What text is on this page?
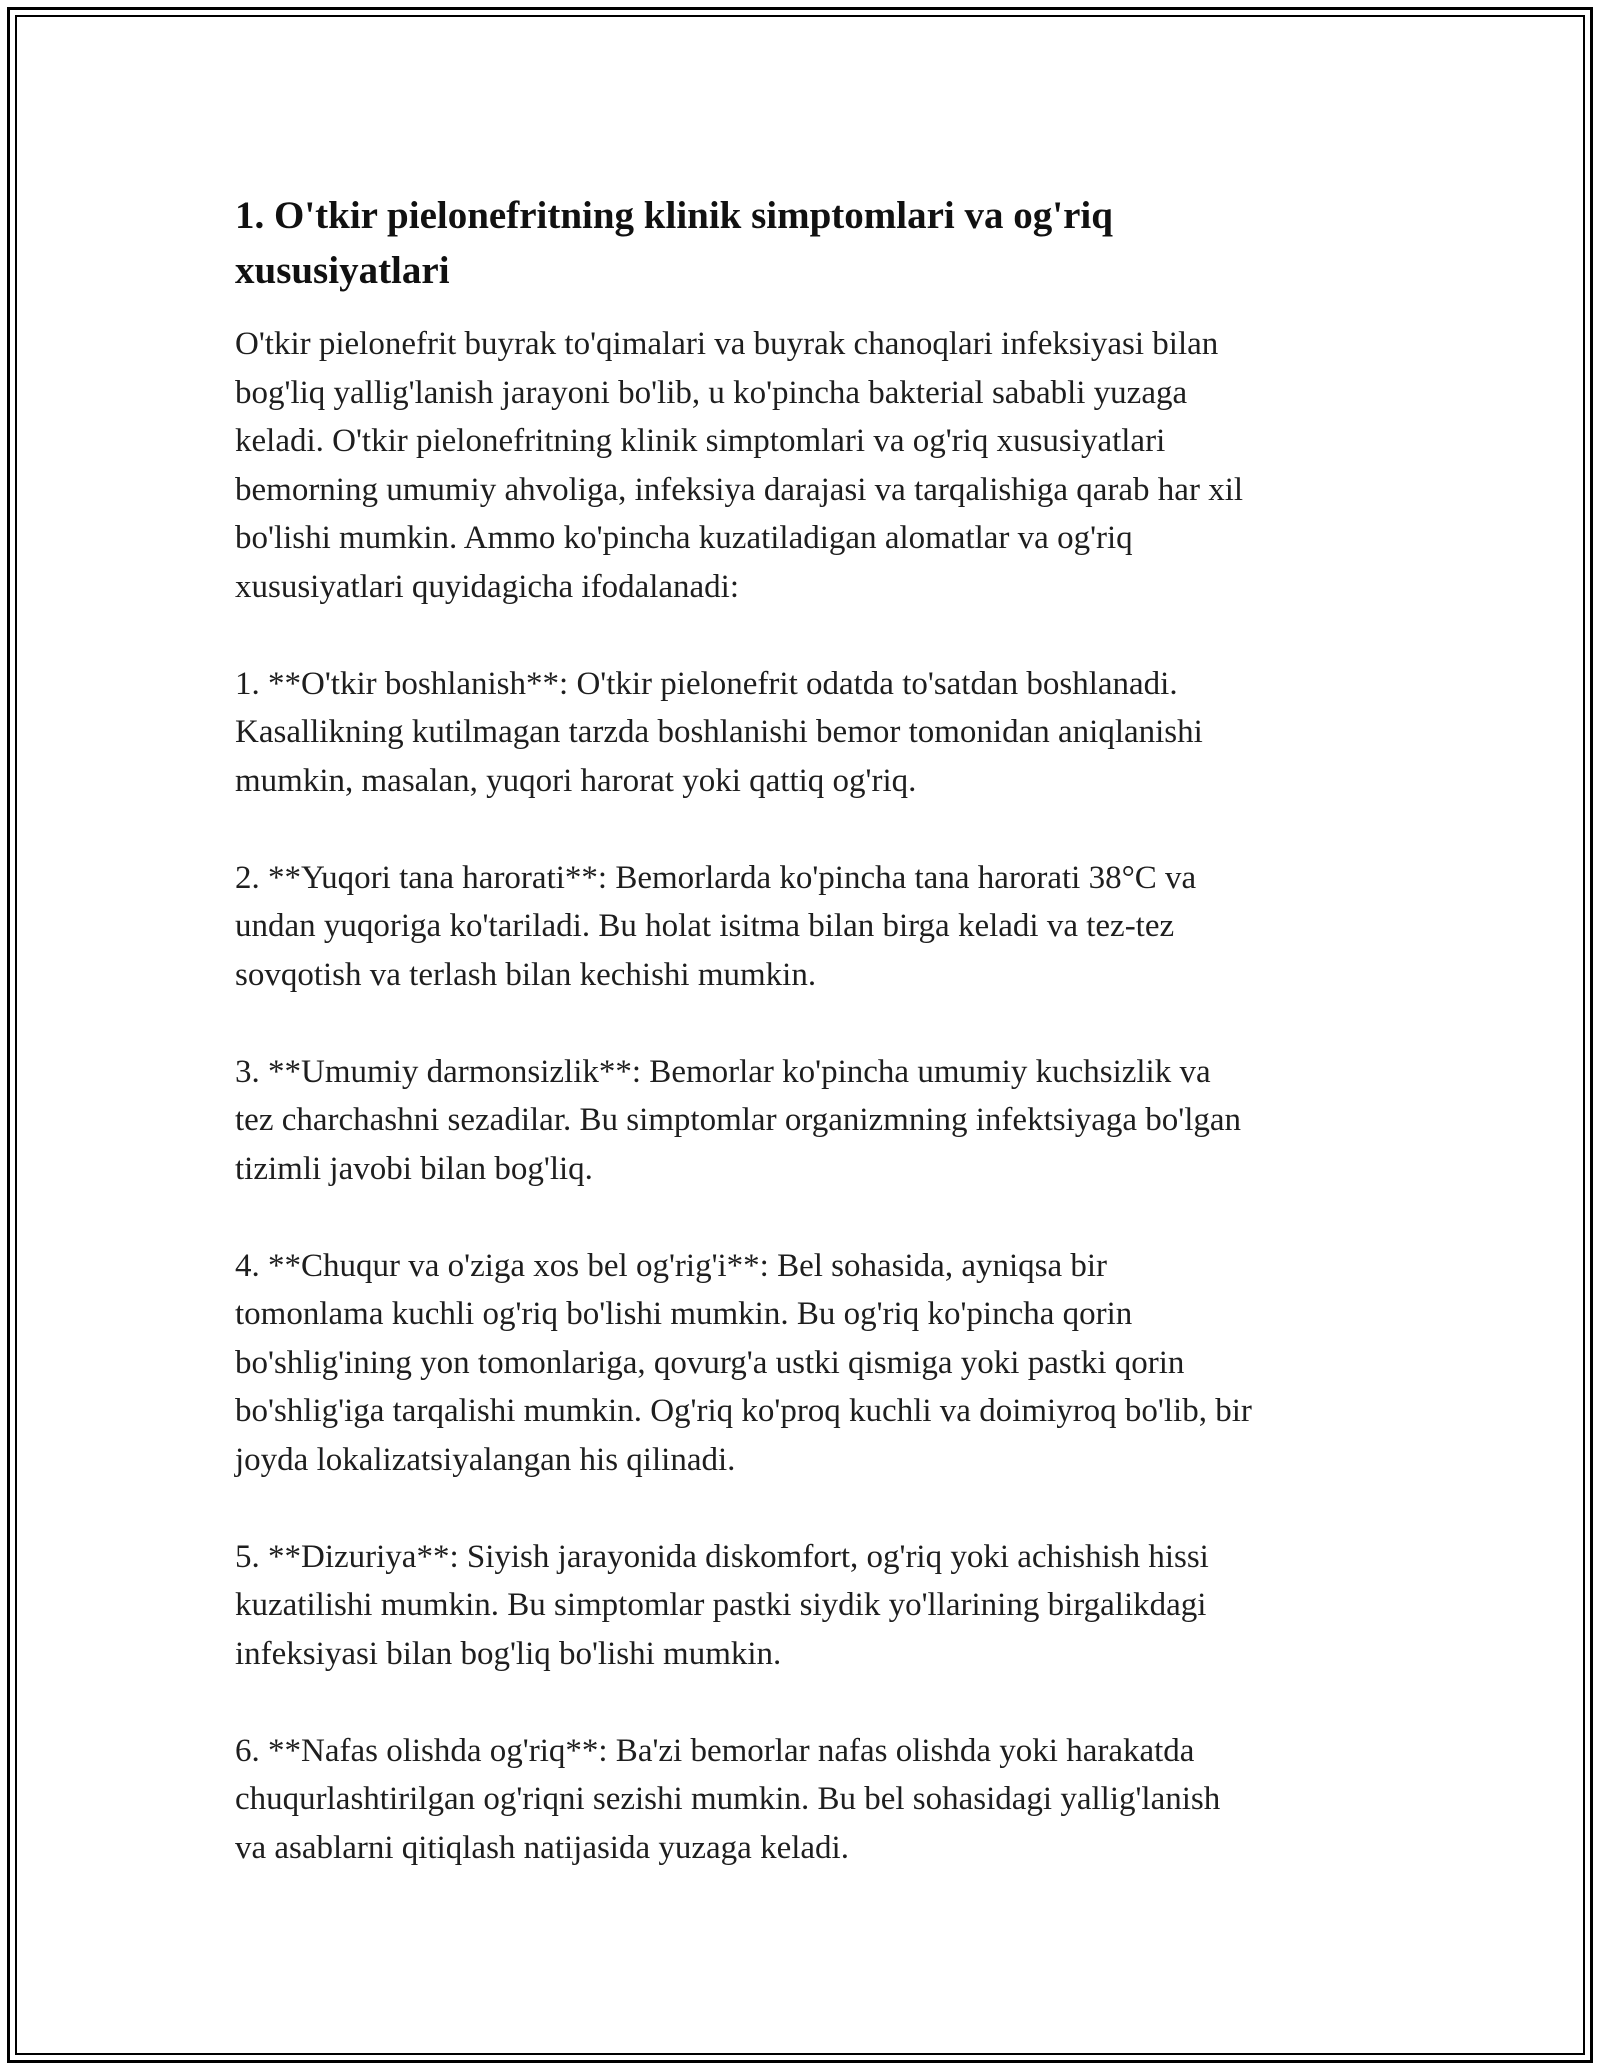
1. O'tkir pielonefritning klinik simptomlari va og'riq
xususiyatlari

O'tkir pielonefrit buyrak to'qimalari va buyrak chanoqlari infeksiyasi bilan
bog'liq yallig'lanish jarayoni bo'lib, u ko'pincha bakterial sababli yuzaga
keladi. O'tkir pielonefritning klinik simptomlari va og'riq xususiyatlari
bemorning umumiy ahvoliga, infeksiya darajasi va tarqalishiga qarab har xil
bo'lishi mumkin. Ammo ko'pincha kuzatiladigan alomatlar va og'riq
xususiyatlari quyidagicha ifodalanadi:

1. **O'tkir boshlanish**: O'tkir pielonefrit odatda to'satdan boshlanadi.
Kasallikning kutilmagan tarzda boshlanishi bemor tomonidan aniqlanishi
mumkin, masalan, yuqori harorat yoki qattiq og'riq.

2. **Yuqori tana harorati**: Bemorlarda ko'pincha tana harorati 38°C va
undan yuqoriga ko'tariladi. Bu holat isitma bilan birga keladi va tez-tez
sovqotish va terlash bilan kechishi mumkin.

3. **Umumiy darmonsizlik**: Bemorlar ko'pincha umumiy kuchsizlik va
tez charchashni sezadilar. Bu simptomlar organizmning infektsiyaga bo'lgan
tizimli javobi bilan bog'liq.

4. **Chuqur va o'ziga xos bel og'rig'i**: Bel sohasida, ayniqsa bir
tomonlama kuchli og'riq bo'lishi mumkin. Bu og'riq ko'pincha qorin
bo'shlig'ining yon tomonlariga, qovurg'a ustki qismiga yoki pastki qorin
bo'shlig'iga tarqalishi mumkin. Og'riq ko'proq kuchli va doimiyroq bo'lib, bir
joyda lokalizatsiyalangan his qilinadi.

5. **Dizuriya**: Siyish jarayonida diskomfort, og'riq yoki achishish hissi
kuzatilishi mumkin. Bu simptomlar pastki siydik yo'llarining birgalikdagi
infeksiyasi bilan bog'liq bo'lishi mumkin.

6. **Nafas olishda og'riq**: Ba'zi bemorlar nafas olishda yoki harakatda
chuqurlashtirilgan og'riqni sezishi mumkin. Bu bel sohasidagi yallig'lanish
va asablarni qitiqlash natijasida yuzaga keladi.
